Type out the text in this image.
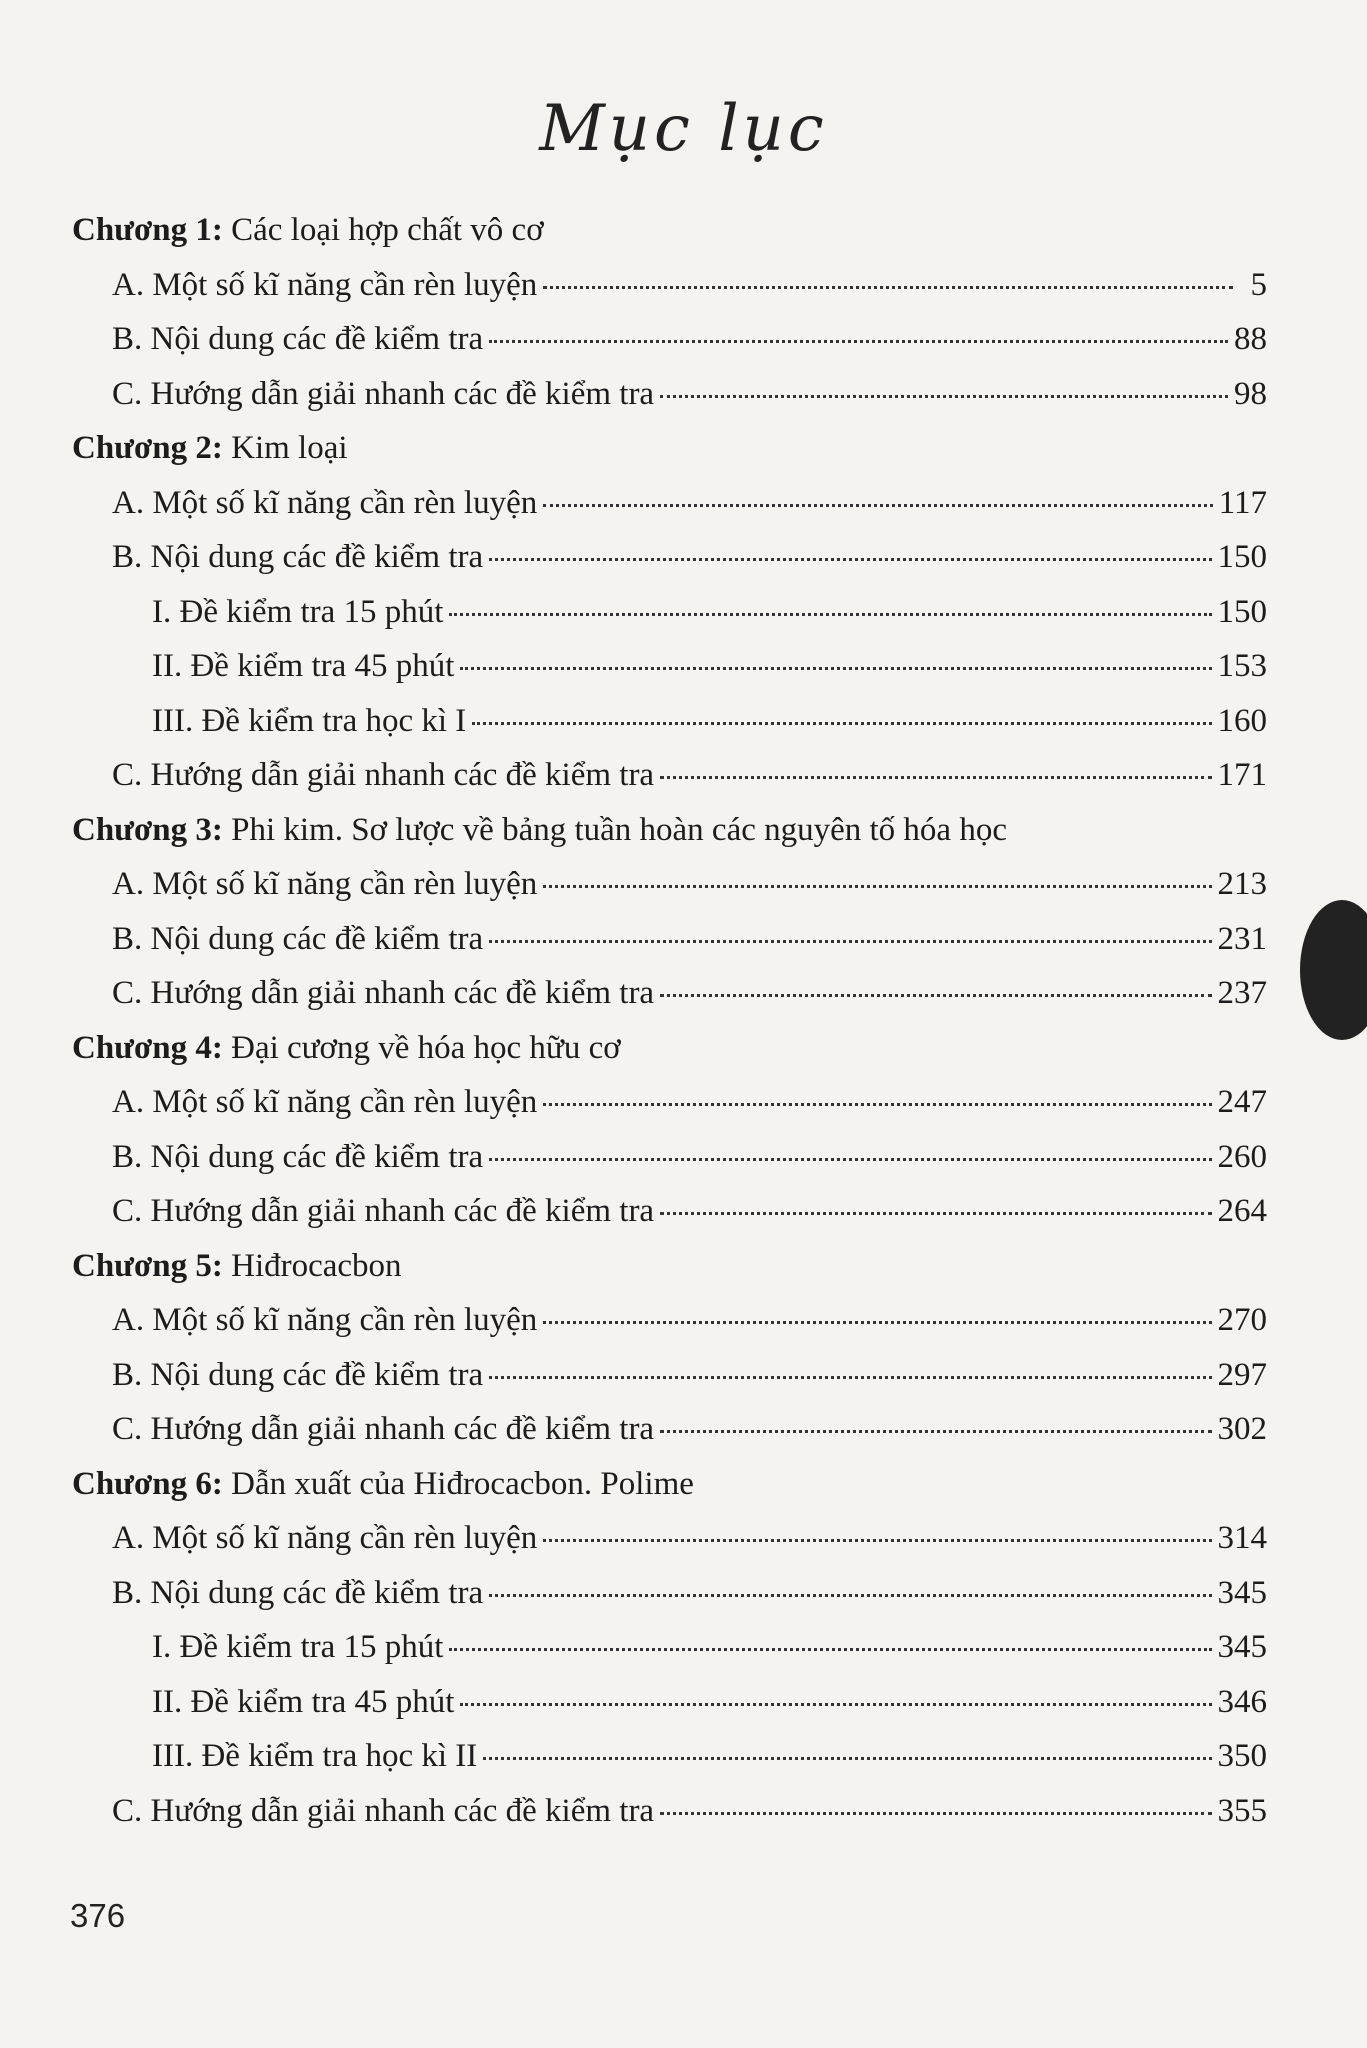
Mục lục
Chương 1: Các loại hợp chất vô cơ
A. Một số kĩ năng cần rèn luyện	5
B. Nội dung các đề kiểm tra	88
C. Hướng dẫn giải nhanh các đề kiểm tra	98
Chương 2: Kim loại
A. Một số kĩ năng cần rèn luyện	117
B. Nội dung các đề kiểm tra	150
I. Đề kiểm tra 15 phút	150
II. Đề kiểm tra 45 phút	153
III. Đề kiểm tra học kì I	160
C. Hướng dẫn giải nhanh các đề kiểm tra	171
Chương 3: Phi kim. Sơ lược về bảng tuần hoàn các nguyên tố hóa học
A. Một số kĩ năng cần rèn luyện	213
B. Nội dung các đề kiểm tra	231
C. Hướng dẫn giải nhanh các đề kiểm tra	237
Chương 4: Đại cương về hóa học hữu cơ
A. Một số kĩ năng cần rèn luyện	247
B. Nội dung các đề kiểm tra	260
C. Hướng dẫn giải nhanh các đề kiểm tra	264
Chương 5: Hiđrocacbon
A. Một số kĩ năng cần rèn luyện	270
B. Nội dung các đề kiểm tra	297
C. Hướng dẫn giải nhanh các đề kiểm tra	302
Chương 6: Dẫn xuất của Hiđrocacbon. Polime
A. Một số kĩ năng cần rèn luyện	314
B. Nội dung các đề kiểm tra	345
I. Đề kiểm tra 15 phút	345
II. Đề kiểm tra 45 phút	346
III. Đề kiểm tra học kì II	350
C. Hướng dẫn giải nhanh các đề kiểm tra	355
376
